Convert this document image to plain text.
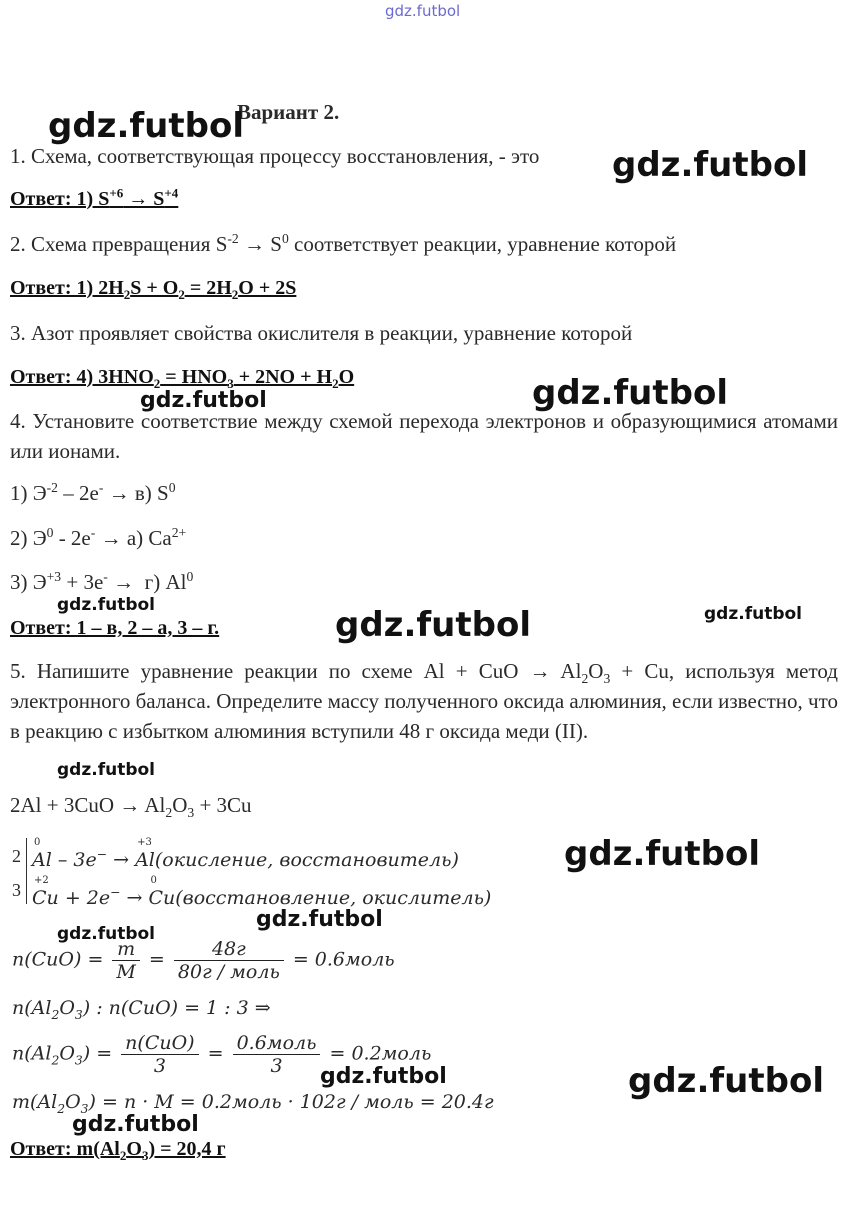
gdz.futbol
Вариант 2.
1. Схема, соответствующая процессу восстановления, - это
Ответ: 1) $S^{+6} \to S^{+4}$
2. Схема превращения $S^{-2} \to S^0$ соответствует реакции, уравнение которой
Ответ: 1) $2H_2S + O_2 = 2H_2O + 2S$
3. Азот проявляет свойства окислителя в реакции, уравнение которой
Ответ: 4) $3HNO_2 = HNO_3 + 2NO + H_2O$
4. Установите соответствие между схемой перехода электронов и образующимися атомами или ионами.
1) $Э^{-2} - 2e^- \to в$) $S^0$
2) $Э^0 - 2e^- \to а$) $Ca^{2+}$
3) $Э^{+3} + 3e^- \to г$) Al$^0$
Ответ: 1 – в, 2 – а, 3 – г.
5. Напишите уравнение реакции по схеме Al + CuO → $Al_2O_3 + Cu$, используя метод электронного баланса. Определите массу полученного оксида алюминия, если известно, что в реакцию с избытком алюминия вступили 48 г оксида меди (II).
$2Al + 3CuO \to Al_2O_3 + 3Cu$
2
3
Al
0
– 3e− → Al
+3
(окисление, восстановитель)
Cu
+2
+ 2e− → Cu
0
(восстановление, окислитель)
$n(CuO) = \frac{m}{M} = \frac{48г}{\text{80г / моль}}$ = 0.6моль
$n(Al_2O_3)$ : n(CuO) = 1 : 3 ⇒
$n(Al_2O_3) = \frac{\text{n(CuO)}}{3} = \frac{\text{0.6моль}}{3}$ = 0.2моль
$m(Al_2O_3) = n \cdot M$ = 0.2моль · 102г / моль = 20.4г
Ответ: $m(Al_2O_3) = 20,4$ г
gdz.futbol
gdz.futbol
gdz.futbol
gdz.futbol
gdz.futbol	gdz.futbol
gdz.futbol
gdz.futbol
gdz.futbol
gdz.futbol
gdz.futbol
gdz.futbol	gdz.futbol
gdz.futbol
